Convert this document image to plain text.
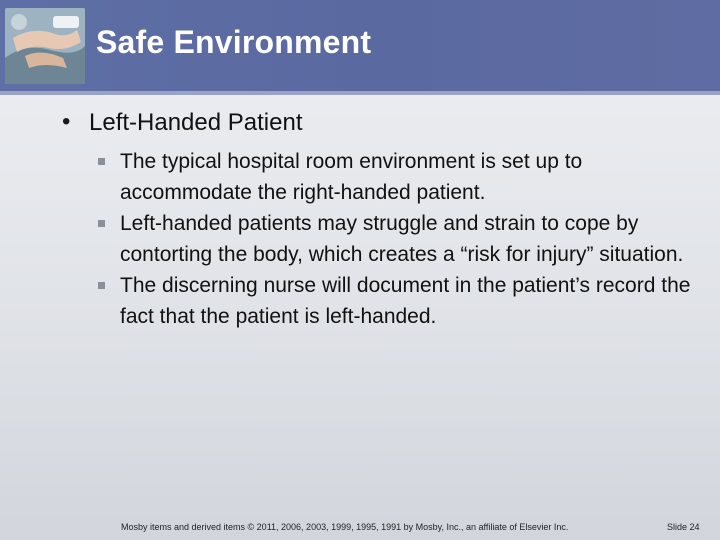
Safe Environment
• Left-Handed Patient
The typical hospital room environment is set up to accommodate the right-handed patient.
Left-handed patients may struggle and strain to cope by contorting the body, which creates a “risk for injury” situation.
The discerning nurse will document in the patient’s record the fact that the patient is left-handed.
Mosby items and derived items © 2011, 2006, 2003, 1999, 1995, 1991 by Mosby, Inc., an affiliate of Elsevier Inc.	Slide 24
